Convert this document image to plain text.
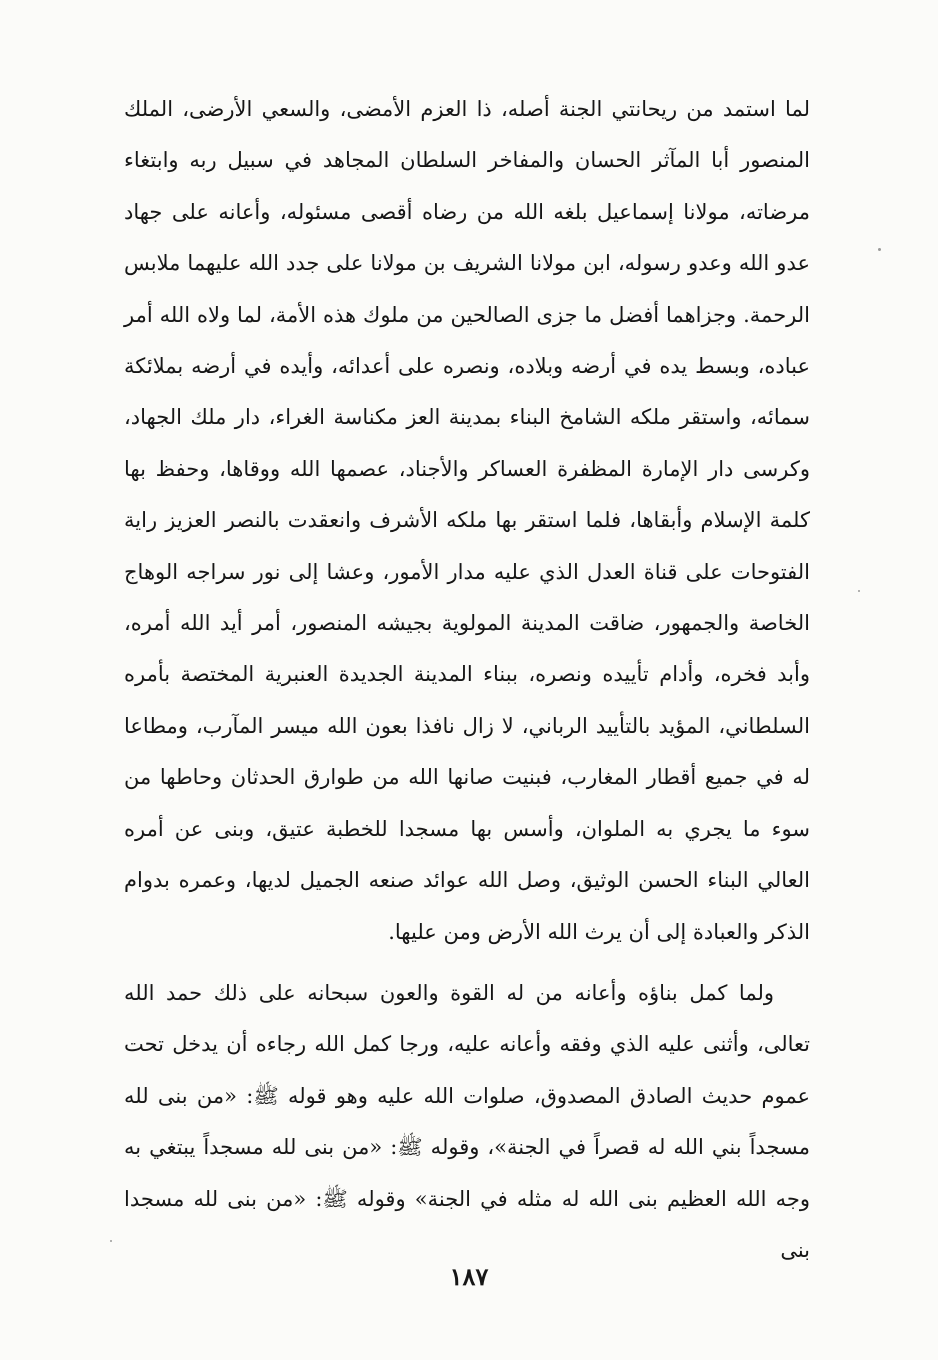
لما استمد من ريحانتي الجنة أصله، ذا العزم الأمضى، والسعي الأرضى، الملك المنصور أبا المآثر الحسان والمفاخر السلطان المجاهد في سبيل ربه وابتغاء مرضاته، مولانا إسماعيل بلغه الله من رضاه أقصى مسئوله، وأعانه على جهاد عدو الله وعدو رسوله، ابن مولانا الشريف بن مولانا على جدد الله عليهما ملابس الرحمة. وجزاهما أفضل ما جزى الصالحين من ملوك هذه الأمة، لما ولاه الله أمر عباده، وبسط يده في أرضه وبلاده، ونصره على أعدائه، وأيده في أرضه بملائكة سمائه، واستقر ملكه الشامخ البناء بمدينة العز مكناسة الغراء، دار ملك الجهاد، وكرسى دار الإمارة المظفرة العساكر والأجناد، عصمها الله ووقاها، وحفظ بها كلمة الإسلام وأبقاها، فلما استقر بها ملكه الأشرف وانعقدت بالنصر العزيز راية الفتوحات على قناة العدل الذي عليه مدار الأمور، وعشا إلى نور سراجه الوهاج الخاصة والجمهور، ضاقت المدينة المولوية بجيشه المنصور، أمر أيد الله أمره، وأبد فخره، وأدام تأييده ونصره، ببناء المدينة الجديدة العنبرية المختصة بأمره السلطاني، المؤيد بالتأييد الرباني، لا زال نافذا بعون الله ميسر المآرب، ومطاعا له في جميع أقطار المغارب، فبنيت صانها الله من طوارق الحدثان وحاطها من سوء ما يجري به الملوان، وأسس بها مسجدا للخطبة عتيق، وبنى عن أمره العالي البناء الحسن الوثيق، وصل الله عوائد صنعه الجميل لديها، وعمره بدوام الذكر والعبادة إلى أن يرث الله الأرض ومن عليها.

ولما كمل بناؤه وأعانه من له القوة والعون سبحانه على ذلك حمد الله تعالى، وأثنى عليه الذي وفقه وأعانه عليه، ورجا كمل الله رجاءه أن يدخل تحت عموم حديث الصادق المصدوق، صلوات الله عليه وهو قوله ﷺ: «من بنى لله مسجداً بني الله له قصراً في الجنة»، وقوله ﷺ: «من بنى لله مسجداً يبتغي به وجه الله العظيم بنى الله له مثله في الجنة» وقوله ﷺ: «من بنى لله مسجدا بنى

١٨٧
